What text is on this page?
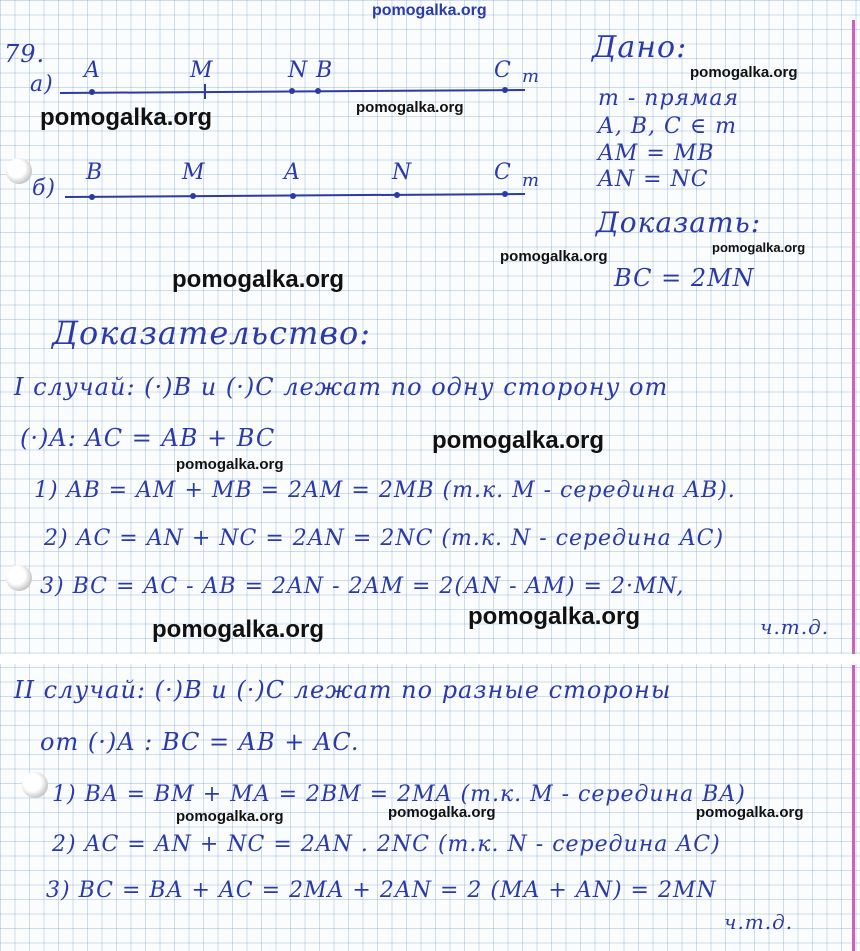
pomogalka.org
79.
а)
A	M	N B	C m
б)
B	M	A	N	C m
Дано:
m - прямая
A, B, C ∈ m
AM = MB
AN = NC
Доказать:
BC = 2MN
Доказательство:
I случай: (·)B и (·)C лежат по одну сторону от
(·)A: AC = AB + BC
1) AB = AM + MB = 2AM = 2MB (т.к. M - середина AB).
2) AC = AN + NC = 2AN = 2NC (т.к. N - середина AC)
3) BC = AC - AB = 2AN - 2AM = 2(AN - AM) = 2·MN,
ч.т.д.
II случай: (·)B и (·)C лежат по разные стороны
от (·)A : BC = AB + AC.
1) BA = BM + MA = 2BM = 2MA (т.к. M - середина BA)
2) AC = AN + NC = 2AN . 2NC (т.к. N - середина AC)
3) BC = BA + AC = 2MA + 2AN = 2 (MA + AN) = 2MN
ч.т.д.
pomogalka.org
pomogalka.org	pomogalka.org
pomogalka.org
pomogalka.org
pomogalka.org
pomogalka.org
pomogalka.org
pomogalka.org	pomogalka.org
pomogalka.org	pomogalka.org	pomogalka.org
